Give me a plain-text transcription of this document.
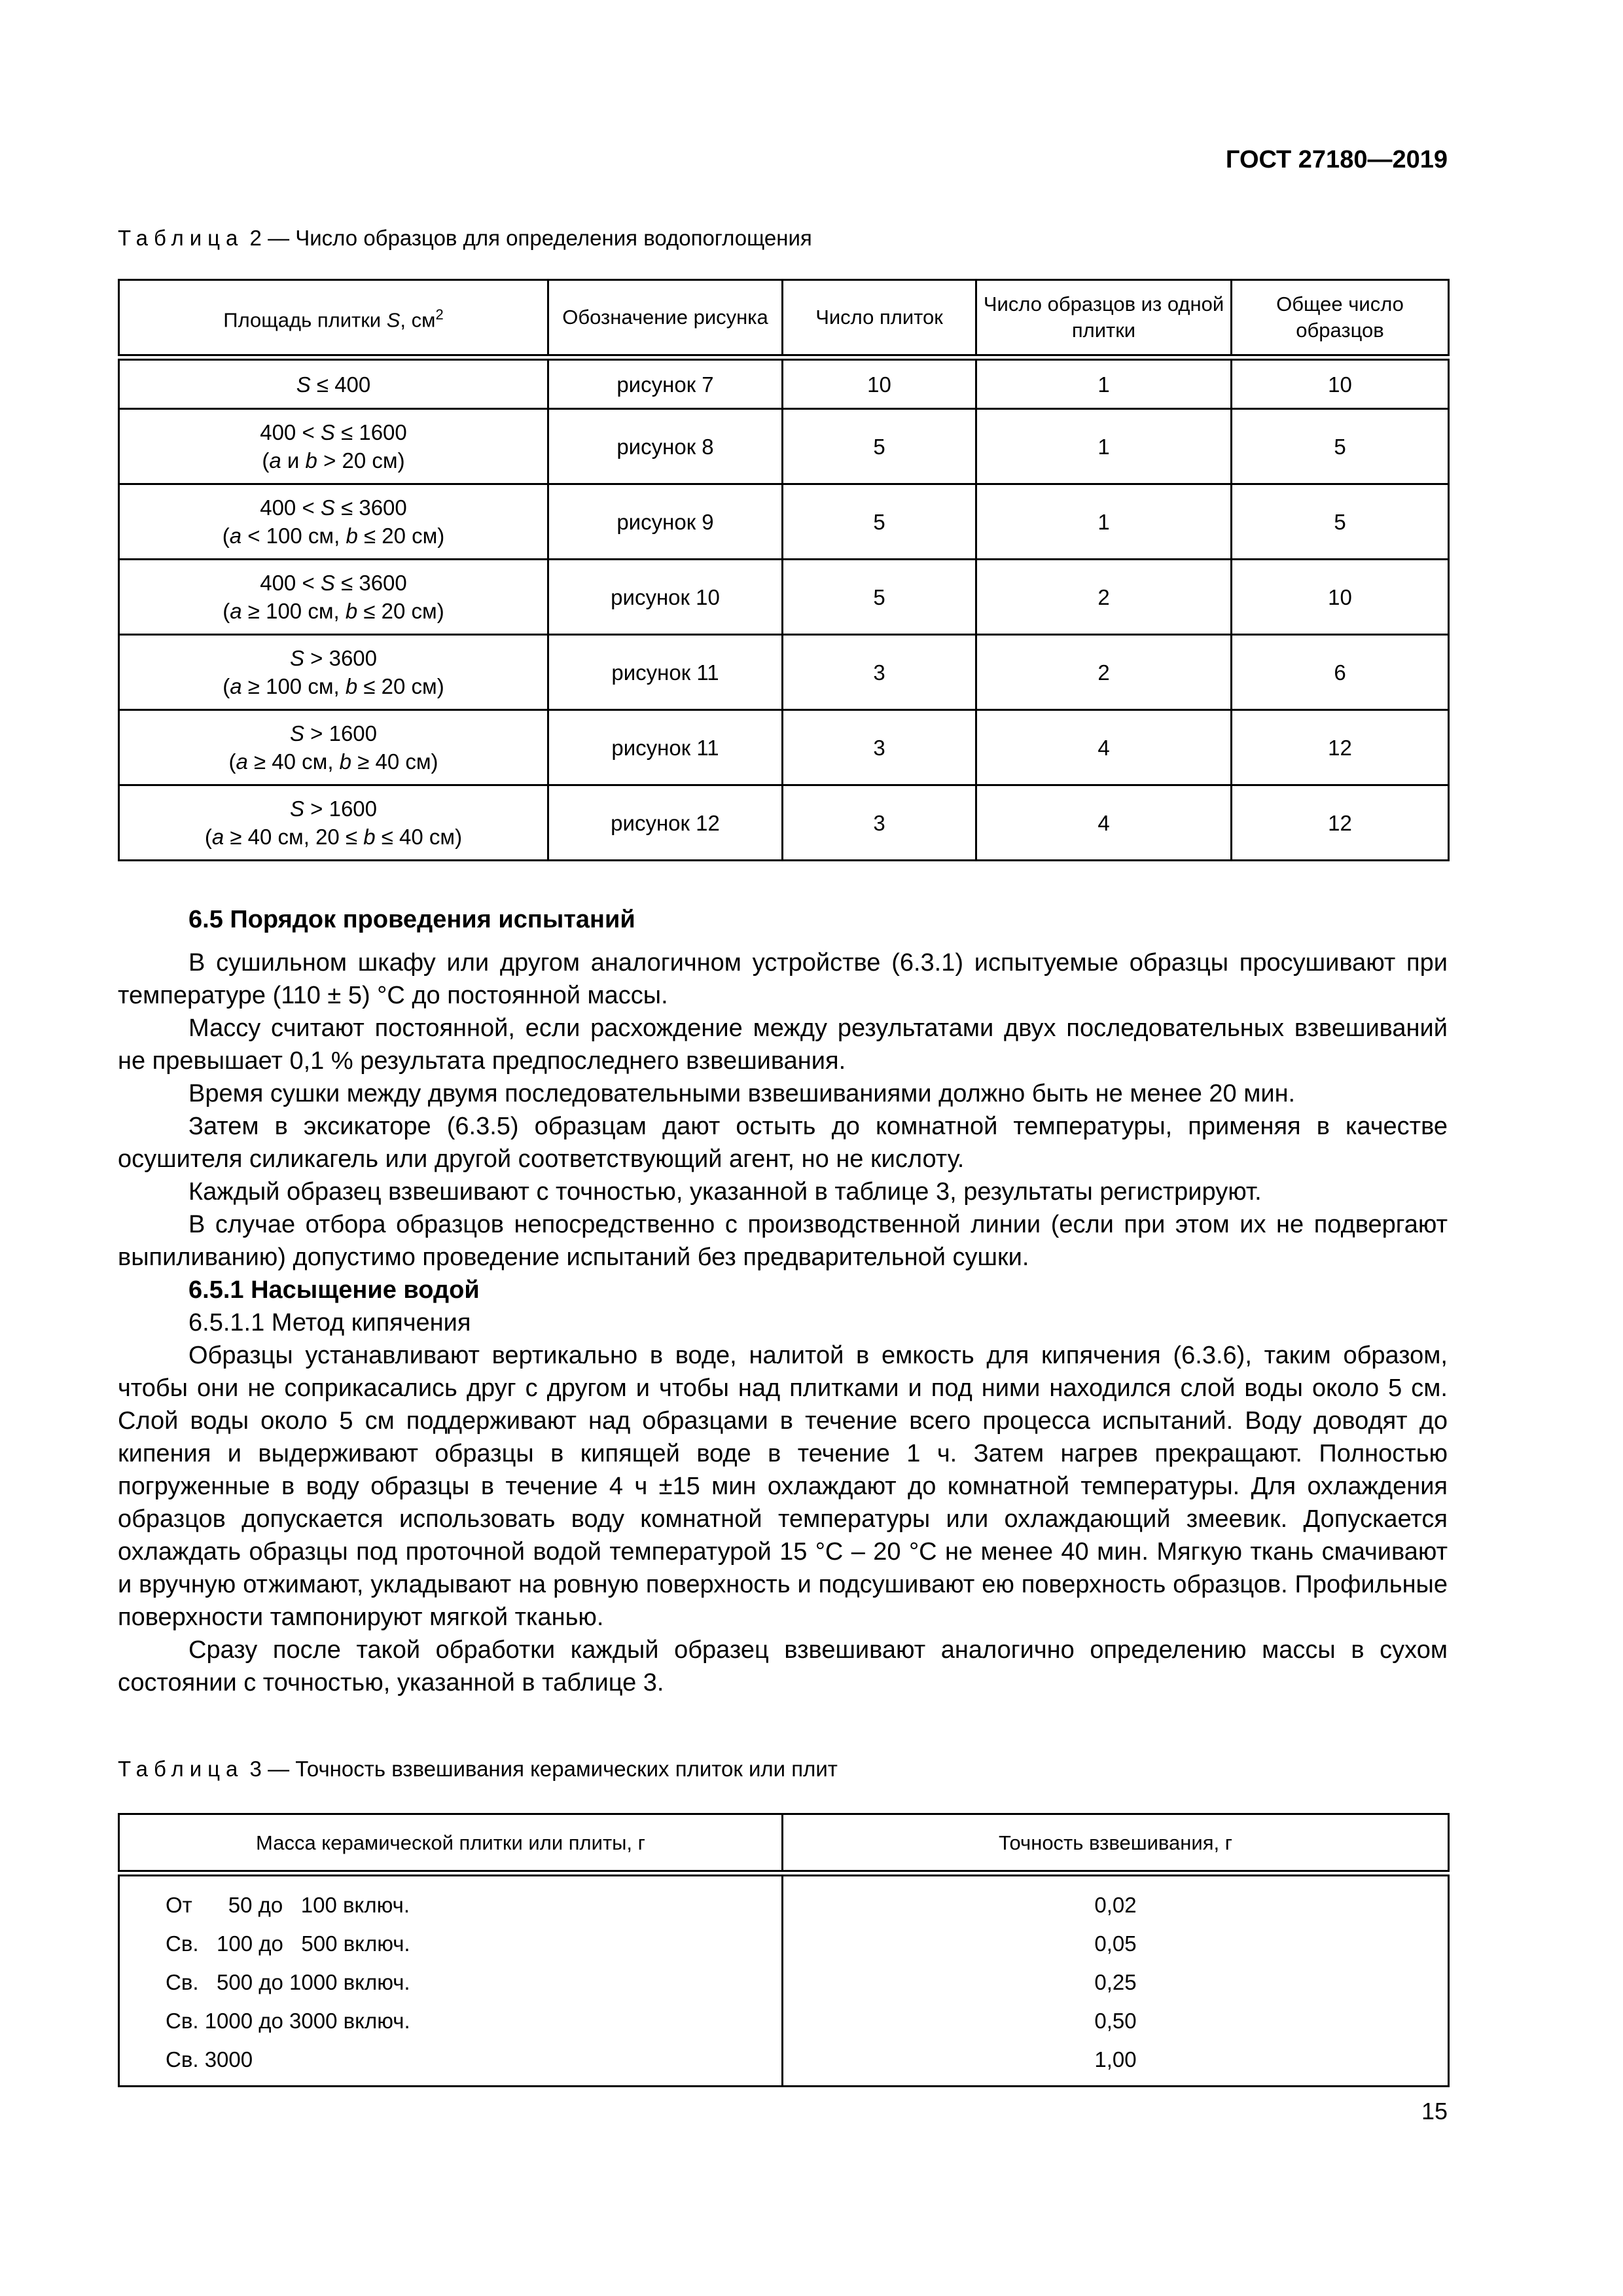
ГОСТ 27180—2019
Таблица 2 — Число образцов для определения водопоглощения
Площадь плитки S, $см^2$	Обозначение рисунка	Число плиток	Число образцов из одной плитки	Общее число образцов

S ≤ 400	рисунок 7	10	1	10

400 < S ≤ 1600
(a и b > 20 см)	рисунок 8	5	1	5

400 < S ≤ 3600
(a < 100 см, b ≤ 20 см)	рисунок 9	5	1	5

400 < S ≤ 3600
(a ≥ 100 см, b ≤ 20 см)	рисунок 10	5	2	10

S > 3600
(a ≥ 100 см, b ≤ 20 см)	рисунок 11	3	2	6

S > 1600
(a ≥ 40 см, b ≥ 40 см)	рисунок 11	3	4	12

S > 1600
(a ≥ 40 см, 20 ≤ b ≤ 40 см)	рисунок 12	3	4	12

6.5 Порядок проведения испытаний

В сушильном шкафу или другом аналогичном устройстве (6.3.1) испытуемые образцы просушивают при температуре (110 ± 5) °С до постоянной массы.

Массу считают постоянной, если расхождение между результатами двух последовательных взвешиваний не превышает 0,1 % результата предпоследнего взвешивания.

Время сушки между двумя последовательными взвешиваниями должно быть не менее 20 мин.

Затем в эксикаторе (6.3.5) образцам дают остыть до комнатной температуры, применяя в качестве осушителя силикагель или другой соответствующий агент, но не кислоту.

Каждый образец взвешивают с точностью, указанной в таблице 3, результаты регистрируют.

В случае отбора образцов непосредственно с производственной линии (если при этом их не подвергают выпиливанию) допустимо проведение испытаний без предварительной сушки.

6.5.1 Насыщение водой

6.5.1.1 Метод кипячения

Образцы устанавливают вертикально в воде, налитой в емкость для кипячения (6.3.6), таким образом, чтобы они не соприкасались друг с другом и чтобы над плитками и под ними находился слой воды около 5 см. Слой воды около 5 см поддерживают над образцами в течение всего процесса испытаний. Воду доводят до кипения и выдерживают образцы в кипящей воде в течение 1 ч. Затем нагрев прекращают. Полностью погруженные в воду образцы в течение 4 ч ±15 мин охлаждают до комнатной температуры. Для охлаждения образцов допускается использовать воду комнатной температуры или охлаждающий змеевик. Допускается охлаждать образцы под проточной водой температурой 15 °С – 20 °С не менее 40 мин. Мягкую ткань смачивают и вручную отжимают, укладывают на ровную поверхность и подсушивают ею поверхность образцов. Профильные поверхности тампонируют мягкой тканью.

Сразу после такой обработки каждый образец взвешивают аналогично определению массы в сухом состоянии с точностью, указанной в таблице 3.

Таблица 3 — Точность взвешивания керамических плиток или плит
Масса керамической плитки или плиты, г	Точность взвешивания, г
От      50 до   100 включ.	0,02
Св.   100 до   500 включ.	0,05
Св.   500 до 1000 включ.	0,25
Св. 1000 до 3000 включ.	0,50
Св. 3000	1,00
15
